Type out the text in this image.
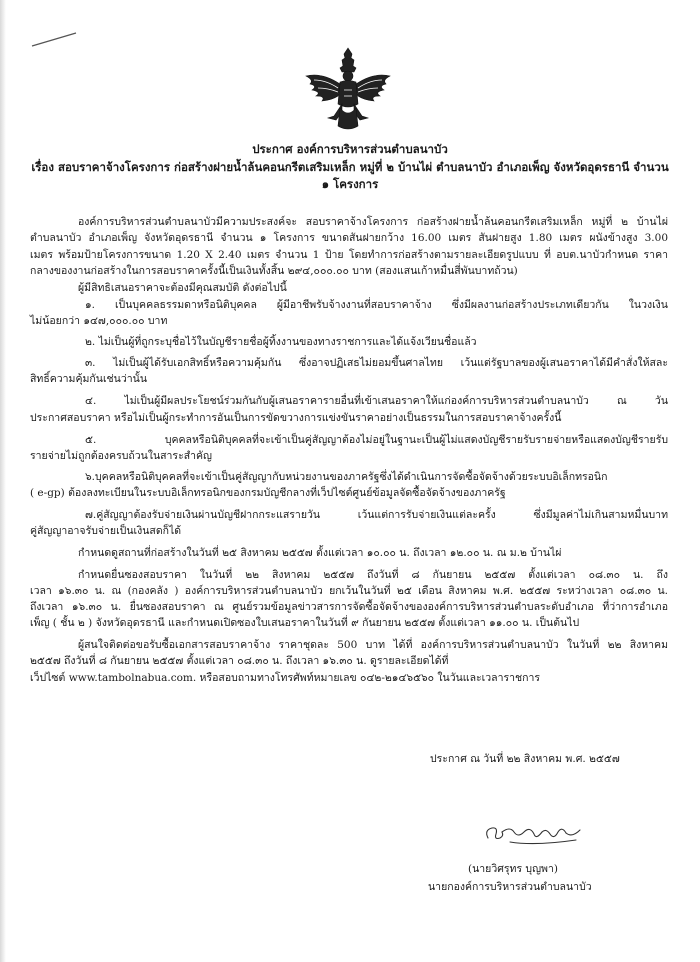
ประกาศ องค์การบริหารส่วนตำบลนาบัว
เรื่อง สอบราคาจ้างโครงการ ก่อสร้างฝายน้ำล้นคอนกรีตเสริมเหล็ก หมู่ที่ ๒ บ้านไผ่ ตำบลนาบัว อำเภอเพ็ญ จังหวัดอุดรธานี จำนวน
๑ โครงการ

องค์การบริหารส่วนตำบลนาบัวมีความประสงค์จะ สอบราคาจ้างโครงการ ก่อสร้างฝายน้ำล้นคอนกรีตเสริมเหล็ก หมู่ที่ ๒ บ้านไผ่

ตำบลนาบัว อำเภอเพ็ญ จังหวัดอุดรธานี จำนวน ๑ โครงการ ขนาดสันฝายกว้าง 16.00 เมตร สันฝายสูง 1.80 เมตร ผนังข้างสูง 3.00

เมตร พร้อมป้ายโครงการขนาด 1.20 X 2.40 เมตร จำนวน 1 ป้าย โดยทำการก่อสร้างตามรายละเอียดรูปแบบ ที่ อบต.นาบัวกำหนด ราคา

กลางของงานก่อสร้างในการสอบราคาครั้งนี้เป็นเงินทั้งสิ้น ๒๙๔,๐๐๐.๐๐ บาท (สองแสนเก้าหมื่นสี่พันบาทถ้วน)

ผู้มีสิทธิเสนอราคาจะต้องมีคุณสมบัติ ดังต่อไปนี้

๑. เป็นบุคคลธรรมดาหรือนิติบุคคล ผู้มีอาชีพรับจ้างงานที่สอบราคาจ้าง ซึ่งมีผลงานก่อสร้างประเภทเดียวกัน ในวงเงิน

ไม่น้อยกว่า ๑๔๗,๐๐๐.๐๐ บาท

๒. ไม่เป็นผู้ที่ถูกระบุชื่อไว้ในบัญชีรายชื่อผู้ทิ้งงานของทางราชการและได้แจ้งเวียนชื่อแล้ว

๓. ไม่เป็นผู้ได้รับเอกสิทธิ์หรือความคุ้มกัน ซึ่งอาจปฏิเสธไม่ยอมขึ้นศาลไทย เว้นแต่รัฐบาลของผู้เสนอราคาได้มีคำสั่งให้สละ

สิทธิ์ความคุ้มกันเช่นว่านั้น

๔. ไม่เป็นผู้มีผลประโยชน์ร่วมกันกับผู้เสนอราคารายอื่นที่เข้าเสนอราคาให้แก่องค์การบริหารส่วนตำบลนาบัว ณ วัน

ประกาศสอบราคา หรือไม่เป็นผู้กระทำการอันเป็นการขัดขวางการแข่งขันราคาอย่างเป็นธรรมในการสอบราคาจ้างครั้งนี้

๕. บุคคลหรือนิติบุคคลที่จะเข้าเป็นคู่สัญญาต้องไม่อยู่ในฐานะเป็นผู้ไม่แสดงบัญชีรายรับรายจ่ายหรือแสดงบัญชีรายรับ

รายจ่ายไม่ถูกต้องครบถ้วนในสาระสำคัญ

๖.บุคคลหรือนิติบุคคลที่จะเข้าเป็นคู่สัญญากับหน่วยงานของภาครัฐซึ่งได้ดำเนินการจัดซื้อจัดจ้างด้วยระบบอิเล็กทรอนิก

( e-gp) ต้องลงทะเบียนในระบบอิเล็กทรอนิกของกรมบัญชีกลางที่เว็ปไซต์ศูนย์ข้อมูลจัดซื้อจัดจ้างของภาครัฐ

๗.คู่สัญญาต้องรับจ่ายเงินผ่านบัญชีฝากกระแสรายวัน เว้นแต่การรับจ่ายเงินแต่ละครั้ง ซึ่งมีมูลค่าไม่เกินสามหมื่นบาท

คู่สัญญาอาจรับจ่ายเป็นเงินสดก็ได้

กำหนดดูสถานที่ก่อสร้างในวันที่ ๒๕ สิงหาคม ๒๕๕๗ ตั้งแต่เวลา ๑๐.๐๐ น. ถึงเวลา ๑๒.๐๐ น. ณ ม.๒ บ้านไผ่

กำหนดยื่นซองสอบราคา ในวันที่ ๒๒ สิงหาคม ๒๕๕๗ ถึงวันที่ ๘ กันยายน ๒๕๕๗ ตั้งแต่เวลา ๐๘.๓๐ น. ถึง

เวลา ๑๖.๓๐ น. ณ (กองคลัง ) องค์การบริหารส่วนตำบลนาบัว ยกเว้นในวันที่ ๒๕ เดือน สิงหาคม พ.ศ. ๒๕๕๗ ระหว่างเวลา ๐๘.๓๐ น.

ถึงเวลา ๑๖.๓๐ น. ยื่นซองสอบราคา ณ ศูนย์รวมข้อมูลข่าวสารการจัดซื้อจัดจ้างขององค์การบริหารส่วนตำบลระดับอำเภอ ที่ว่าการอำเภอ

เพ็ญ ( ชั้น ๒ ) จังหวัดอุดรธานี และกำหนดเปิดซองใบเสนอราคาในวันที่ ๙ กันยายน ๒๕๕๗ ตั้งแต่เวลา ๑๑.๐๐ น. เป็นต้นไป

ผู้สนใจติดต่อขอรับซื้อเอกสารสอบราคาจ้าง ราคาชุดละ 500 บาท ได้ที่ องค์การบริหารส่วนตำบลนาบัว ในวันที่ ๒๒ สิงหาคม

๒๕๕๗ ถึงวันที่ ๘ กันยายน ๒๕๕๗ ตั้งแต่เวลา ๐๘.๓๐ น. ถึงเวลา ๑๖.๓๐ น. ดูรายละเอียดได้ที่

เว็ปไซต์ www.tambolnabua.com. หรือสอบถามทางโทรศัพท์หมายเลข ๐๔๒-๒๑๔๖๕๖๐ ในวันและเวลาราชการ

ประกาศ ณ วันที่ ๒๒ สิงหาคม พ.ศ. ๒๕๕๗
(นายวิศรุทร บุญพา)
นายกองค์การบริหารส่วนตำบลนาบัว
